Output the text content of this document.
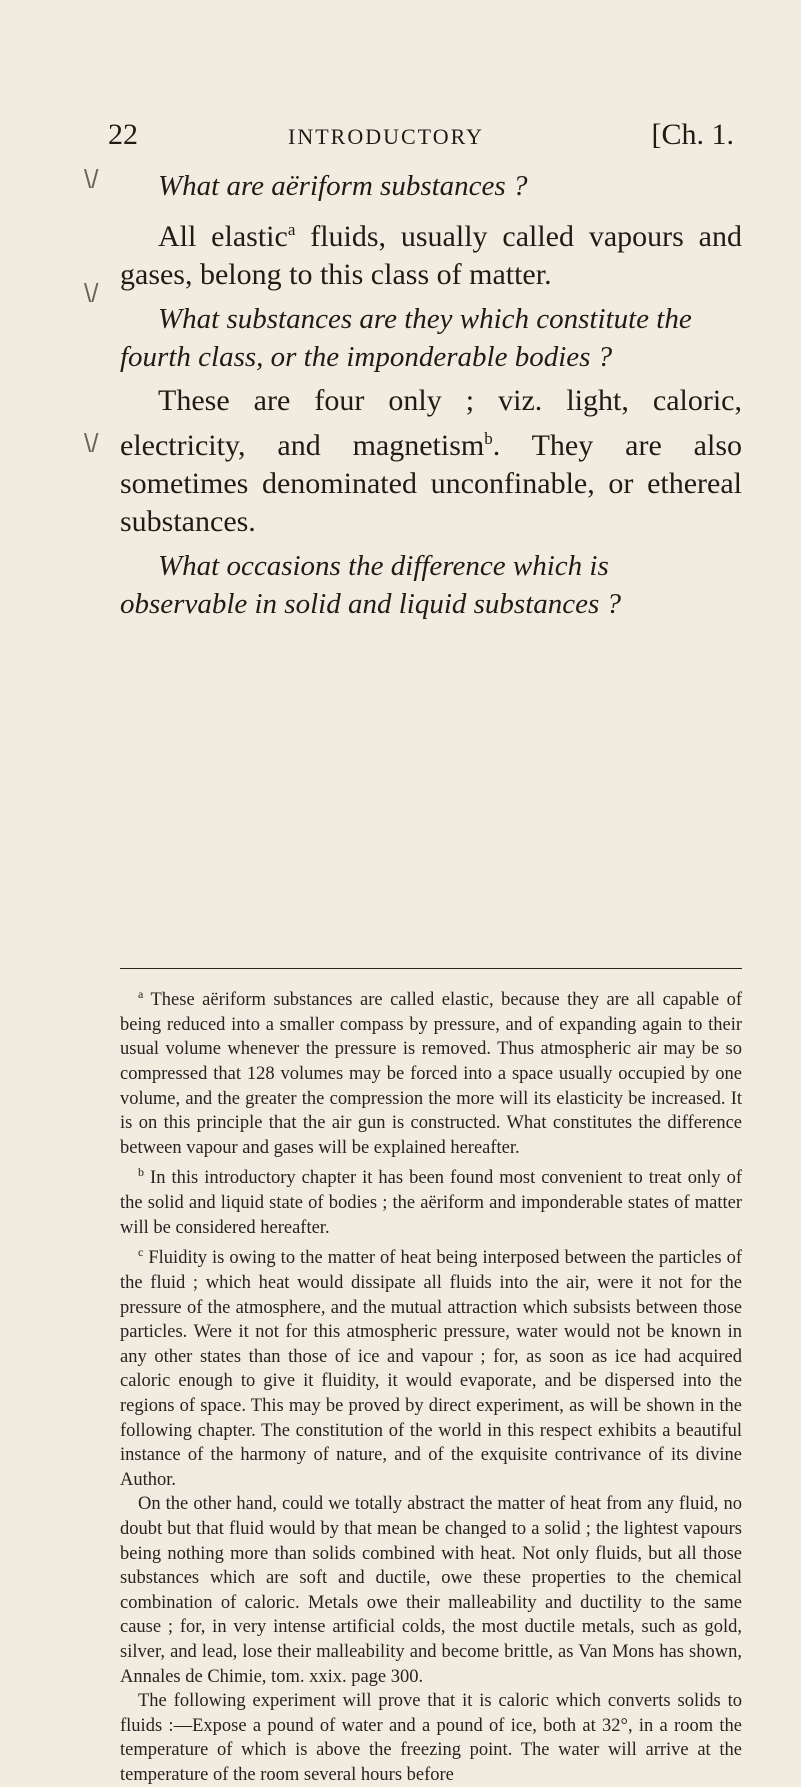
22	INTRODUCTORY	[Ch. 1.
\/
\/
\/

What are aëriform substances ?

All elastic$^a$ fluids, usually called vapours and gases, belong to this class of matter.

What substances are they which constitute the fourth class, or the imponderable bodies ?

These are four only ; viz. light, caloric, electricity, and magnetism$^b$. They are also sometimes denominated unconfinable, or ethereal substances.

What occasions the difference which is observable in solid and liquid substances ?

$^a$ These aëriform substances are called elastic, because they are all capable of being reduced into a smaller compass by pressure, and of expanding again to their usual volume whenever the pressure is removed. Thus atmospheric air may be so compressed that 128 volumes may be forced into a space usually occupied by one volume, and the greater the compression the more will its elasticity be increased. It is on this principle that the air gun is constructed. What constitutes the difference between vapour and gases will be explained hereafter.

$^b$ In this introductory chapter it has been found most convenient to treat only of the solid and liquid state of bodies ; the aëriform and imponderable states of matter will be considered hereafter.

$^c$ Fluidity is owing to the matter of heat being interposed between the particles of the fluid ; which heat would dissipate all fluids into the air, were it not for the pressure of the atmosphere, and the mutual attraction which subsists between those particles. Were it not for this atmospheric pressure, water would not be known in any other states than those of ice and vapour ; for, as soon as ice had acquired caloric enough to give it fluidity, it would evaporate, and be dispersed into the regions of space. This may be proved by direct experiment, as will be shown in the following chapter. The constitution of the world in this respect exhibits a beautiful instance of the harmony of nature, and of the exquisite contrivance of its divine Author.

On the other hand, could we totally abstract the matter of heat from any fluid, no doubt but that fluid would by that mean be changed to a solid ; the lightest vapours being nothing more than solids combined with heat. Not only fluids, but all those substances which are soft and ductile, owe these properties to the chemical combination of caloric. Metals owe their malleability and ductility to the same cause ; for, in very intense artificial colds, the most ductile metals, such as gold, silver, and lead, lose their malleability and become brittle, as Van Mons has shown, Annales de Chimie, tom. xxix. page 300.

The following experiment will prove that it is caloric which converts solids to fluids :—Expose a pound of water and a pound of ice, both at 32°, in a room the temperature of which is above the freezing point. The water will arrive at the temperature of the room several hours before
